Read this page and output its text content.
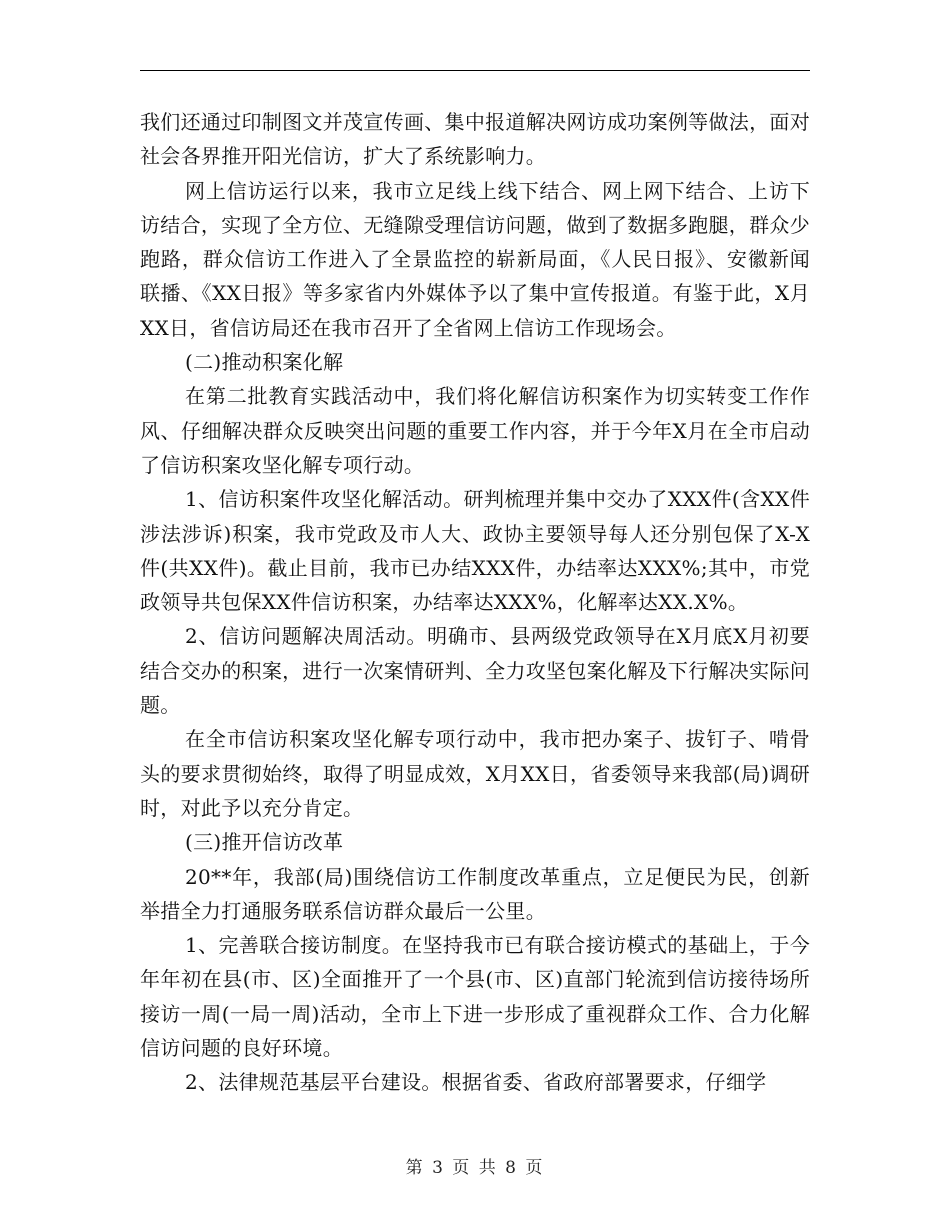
我们还通过印制图文并茂宣传画、集中报道解决网访成功案例等做法，面对社会各界推开阳光信访，扩大了系统影响力。

网上信访运行以来，我市立足线上线下结合、网上网下结合、上访下访结合，实现了全方位、无缝隙受理信访问题，做到了数据多跑腿，群众少跑路，群众信访工作进入了全景监控的崭新局面，《人民日报》、安徽新闻联播、《XX日报》等多家省内外媒体予以了集中宣传报道。有鉴于此，X月XX日，省信访局还在我市召开了全省网上信访工作现场会。

(二)推动积案化解

在第二批教育实践活动中，我们将化解信访积案作为切实转变工作作风、仔细解决群众反映突出问题的重要工作内容，并于今年X月在全市启动了信访积案攻坚化解专项行动。

1、信访积案件攻坚化解活动。研判梳理并集中交办了XXX件(含XX件涉法涉诉)积案，我市党政及市人大、政协主要领导每人还分别包保了X-X件(共XX件)。截止目前，我市已办结XXX件，办结率达XXX%;其中，市党政领导共包保XX件信访积案，办结率达XXX%，化解率达XX.X%。

2、信访问题解决周活动。明确市、县两级党政领导在X月底X月初要结合交办的积案，进行一次案情研判、全力攻坚包案化解及下行解决实际问题。

在全市信访积案攻坚化解专项行动中，我市把办案子、拔钉子、啃骨头的要求贯彻始终，取得了明显成效，X月XX日，省委领导来我部(局)调研时，对此予以充分肯定。

(三)推开信访改革

20**年，我部(局)围绕信访工作制度改革重点，立足便民为民，创新举措全力打通服务联系信访群众最后一公里。

1、完善联合接访制度。在坚持我市已有联合接访模式的基础上，于今年年初在县(市、区)全面推开了一个县(市、区)直部门轮流到信访接待场所接访一周(一局一周)活动，全市上下进一步形成了重视群众工作、合力化解信访问题的良好环境。

2、法律规范基层平台建设。根据省委、省政府部署要求，仔细学

第 3 页 共 8 页
